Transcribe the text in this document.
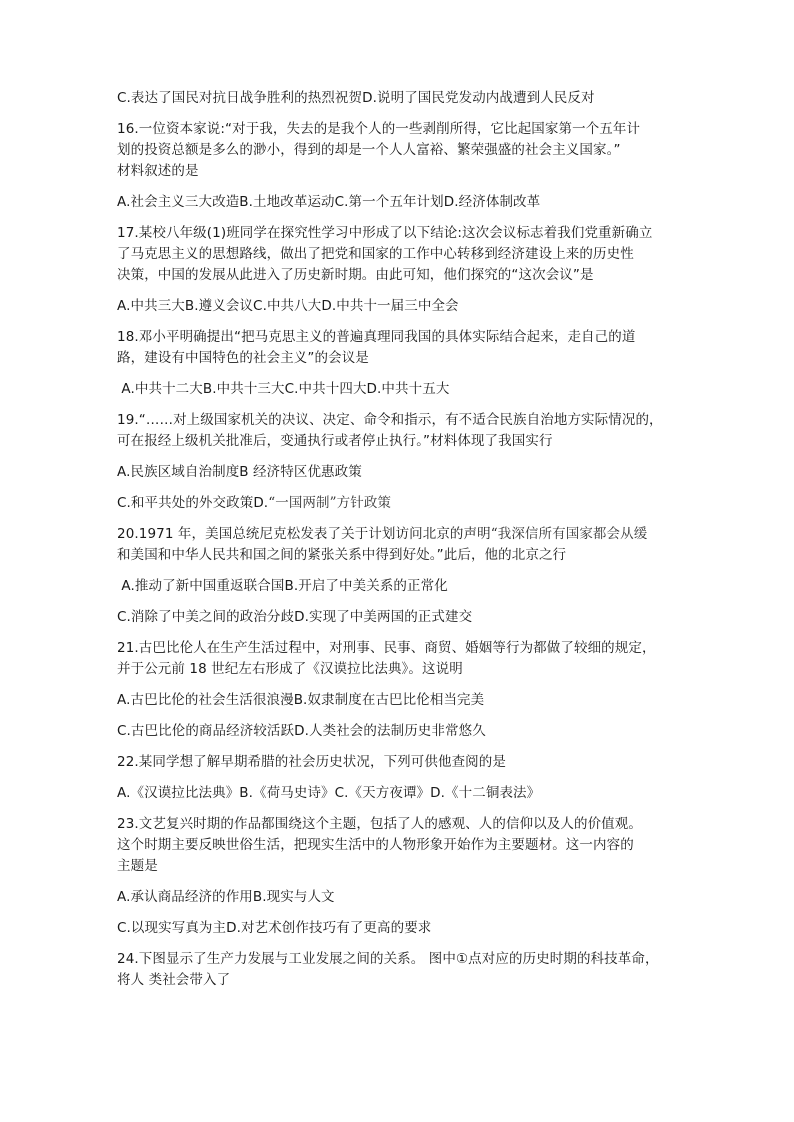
C.表达了国民对抗日战争胜利的热烈祝贺D.说明了国民党发动内战遭到人民反对

16.一位资本家说:“对于我，失去的是我个人的一些剥削所得，它比起国家第一个五年计
划的投资总额是多么的渺小，得到的却是一个人人富裕、繁荣强盛的社会主义国家。”
材料叙述的是

A.社会主义三大改造B.土地改革运动C.第一个五年计划D.经济体制改革

17.某校八年级(1)班同学在探究性学习中形成了以下结论:这次会议标志着我们党重新确立
了马克思主义的思想路线，做出了把党和国家的工作中心转移到经济建设上来的历史性
决策，中国的发展从此进入了历史新时期。由此可知，他们探究的“这次会议”是

A.中共三大B.遵义会议C.中共八大D.中共十一届三中全会

18.邓小平明确提出“把马克思主义的普遍真理同我国的具体实际结合起来，走自己的道
路，建设有中国特色的社会主义”的会议是

A.中共十二大B.中共十三大C.中共十四大D.中共十五大

19.“……对上级国家机关的决议、决定、命令和指示，有不适合民族自治地方实际情况的，
可在报经上级机关批准后，变通执行或者停止执行。”材料体现了我国实行

A.民族区域自治制度B 经济特区优惠政策

C.和平共处的外交政策D.“一国两制”方针政策

20.1971 年，美国总统尼克松发表了关于计划访问北京的声明“我深信所有国家都会从缓
和美国和中华人民共和国之间的紧张关系中得到好处。”此后，他的北京之行

A.推动了新中国重返联合国B.开启了中美关系的正常化

C.消除了中美之间的政治分歧D.实现了中美两国的正式建交

21.古巴比伦人在生产生活过程中，对刑事、民事、商贸、婚姻等行为都做了较细的规定，
并于公元前 18 世纪左右形成了《汉谟拉比法典》。这说明

A.古巴比伦的社会生活很浪漫B.奴隶制度在古巴比伦相当完美

C.古巴比伦的商品经济较活跃D.人类社会的法制历史非常悠久

22.某同学想了解早期希腊的社会历史状况，下列可供他查阅的是

A.《汉谟拉比法典》B.《荷马史诗》C.《天方夜谭》D.《十二铜表法》

23.文艺复兴时期的作品都围绕这个主题，包括了人的感观、人的信仰以及人的价值观。
这个时期主要反映世俗生活，把现实生活中的人物形象开始作为主要题材。这一内容的
主题是

A.承认商品经济的作用B.现实与人文

C.以现实写真为主D.对艺术创作技巧有了更高的要求

24.下图显示了生产力发展与工业发展之间的关系。 图中①点对应的历史时期的科技革命，
将人 类社会带入了
